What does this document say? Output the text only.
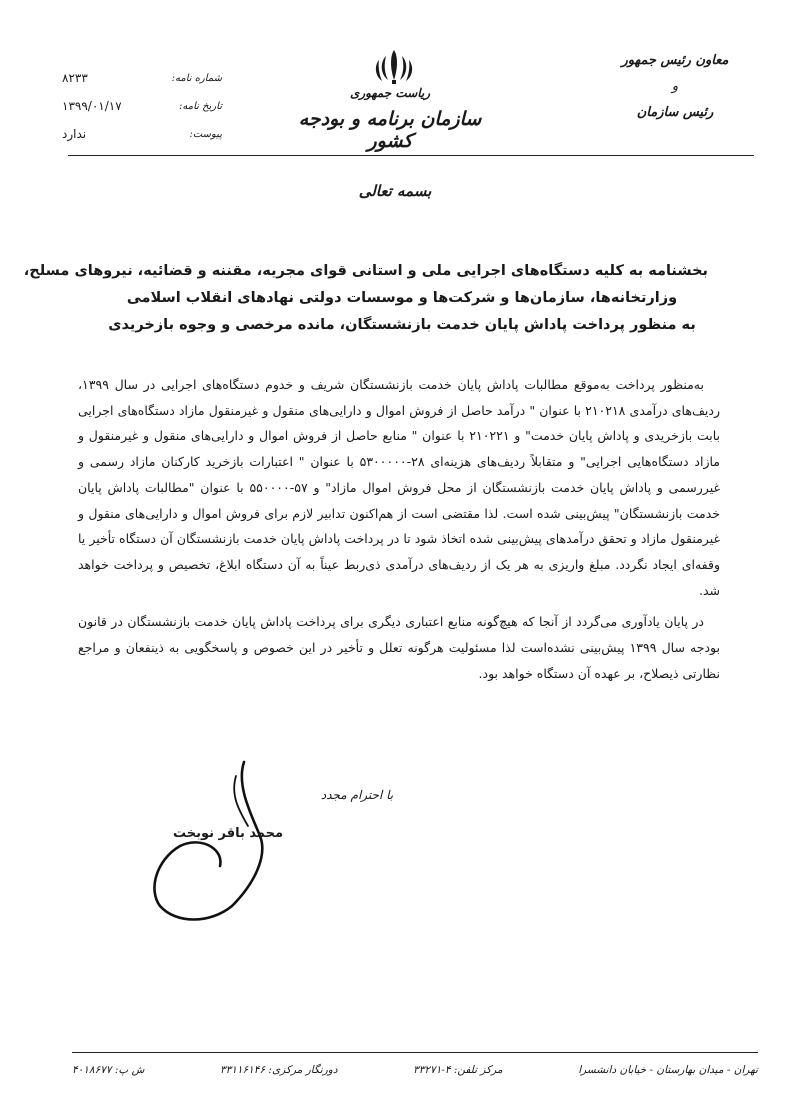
معاون رئیس جمهور
و
رئیس سازمان
ریاست جمهوری
سازمان برنامه و بودجه کشور
شماره نامه:
۸۲۳۳
تاریخ نامه:
۱۳۹۹/۰۱/۱۷
پیوست:
ندارد
بسمه تعالی
بخشنامه به کلیه دستگاه‌های اجرایی ملی و استانی قوای مجریه، مقننه و قضائیه، نیروهای مسلح،
وزارتخانه‌ها، سازمان‌ها و شرکت‌ها و موسسات دولتی نهادهای انقلاب اسلامی
به منظور پرداخت پاداش پایان خدمت بازنشستگان، مانده مرخصی و وجوه بازخریدی

به‌منظور پرداخت به‌موقع مطالبات پاداش پایان خدمت بازنشستگان شریف و خدوم دستگاه‌های اجرایی در سال ۱۳۹۹، ردیف‌های درآمدی ۲۱۰۲۱۸ با عنوان " درآمد حاصل از فروش اموال و دارایی‌های منقول و غیرمنقول مازاد دستگاه‌های اجرایی بابت بازخریدی و پاداش پایان خدمت" و ۲۱۰۲۲۱ با عنوان " منابع حاصل از فروش اموال و دارایی‌های منقول و غیرمنقول و مازاد دستگاه‌هایی اجرایی" و متقابلاً ردیف‌های هزینه‌ای ۲۸-۵۳۰۰۰۰۰ با عنوان " اعتبارات بازخرید کارکنان مازاد رسمی و غیررسمی و پاداش پایان خدمت بازنشستگان از محل فروش اموال مازاد" و ۵۷-۵۵۰۰۰۰ با عنوان "مطالبات پاداش پایان خدمت بازنشستگان" پیش‌بینی شده است. لذا مقتضی است از هم‌اکنون تدابیر لازم برای فروش اموال و دارایی‌های منقول و غیرمنقول مازاد و تحقق درآمدهای پیش‌بینی شده اتخاذ شود تا در پرداخت پاداش پایان خدمت بازنشستگان آن دستگاه تأخیر یا وقفه‌ای ایجاد نگردد. مبلغ واریزی به هر یک از ردیف‌های درآمدی ذی‌ربط عیناً به آن دستگاه ابلاغ، تخصیص و پرداخت خواهد شد.

در پایان یادآوری می‌گردد از آنجا که هیچ‌گونه منابع اعتباری دیگری برای پرداخت پاداش پایان خدمت بازنشستگان در قانون بودجه سال ۱۳۹۹ پیش‌بینی نشده‌است لذا مسئولیت هرگونه تعلل و تأخیر در این خصوص و پاسخگویی به ذینفعان و مراجع نظارتی ذیصلاح، بر عهده آن دستگاه خواهد بود.

با احترام مجدد
محمد باقر نوبخت
تهران - میدان بهارستان - خیابان دانشسرا
مرکز تلفن: ۴-۳۳۲۷۱
دورنگار مرکزی: ۳۳۱۱۶۱۴۶
ش پ: ۴۰۱۸۶۷۷
